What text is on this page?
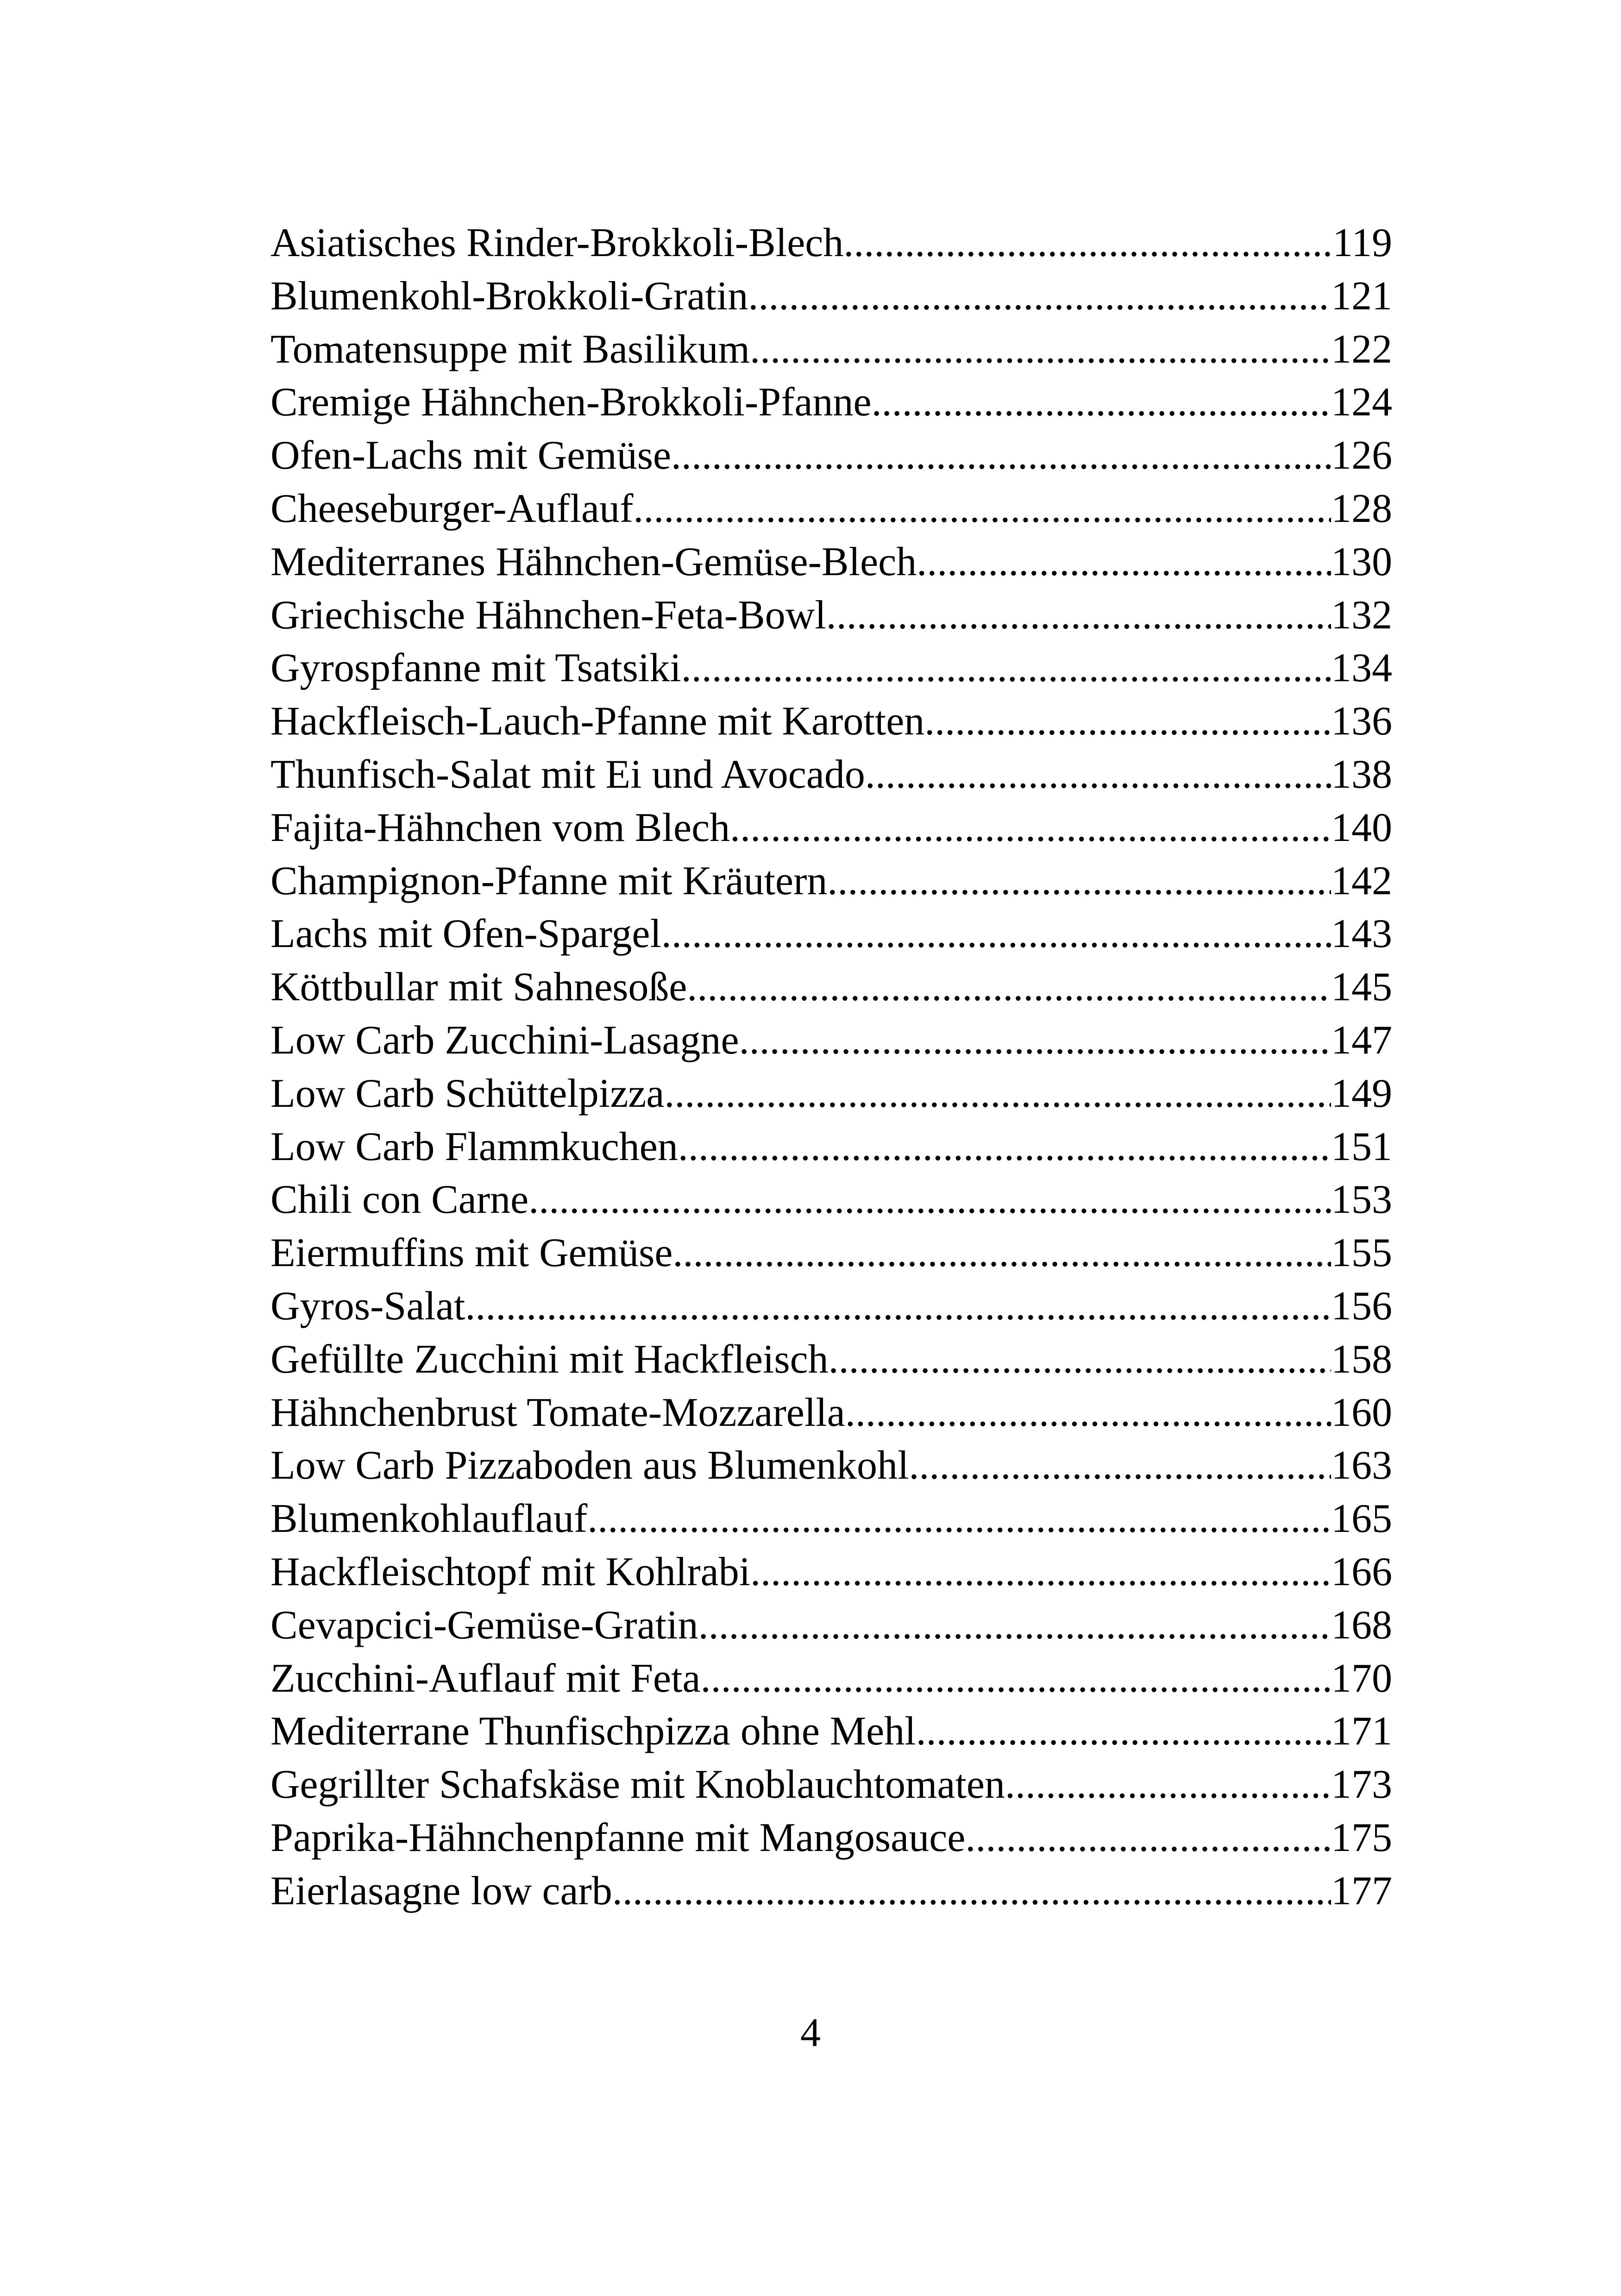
Asiatisches Rinder-Brokkoli-Blech .....	119
Blumenkohl-Brokkoli-Gratin .....	121
Tomatensuppe mit Basilikum .....	122
Cremige Hähnchen-Brokkoli-Pfanne .....	124
Ofen-Lachs mit Gemüse .....	126
Cheeseburger-Auflauf .....	128
Mediterranes Hähnchen-Gemüse-Blech .....	130
Griechische Hähnchen-Feta-Bowl .....	132
Gyrospfanne mit Tsatsiki .....	134
Hackfleisch-Lauch-Pfanne mit Karotten .....	136
Thunfisch-Salat mit Ei und Avocado .....	138
Fajita-Hähnchen vom Blech .....	140
Champignon-Pfanne mit Kräutern .....	142
Lachs mit Ofen-Spargel .....	143
Köttbullar mit Sahnesoße .....	145
Low Carb Zucchini-Lasagne .....	147
Low Carb Schüttelpizza .....	149
Low Carb Flammkuchen .....	151
Chili con Carne .....	153
Eiermuffins mit Gemüse .....	155
Gyros-Salat .....	156
Gefüllte Zucchini mit Hackfleisch .....	158
Hähnchenbrust Tomate-Mozzarella .....	160
Low Carb Pizzaboden aus Blumenkohl .....	163
Blumenkohlauflauf .....	165
Hackfleischtopf mit Kohlrabi .....	166
Cevapcici-Gemüse-Gratin .....	168
Zucchini-Auflauf mit Feta .....	170
Mediterrane Thunfischpizza ohne Mehl .....	171
Gegrillter Schafskäse mit Knoblauchtomaten .....	173
Paprika-Hähnchenpfanne mit Mangosauce .....	175
Eierlasagne low carb .....	177
4
